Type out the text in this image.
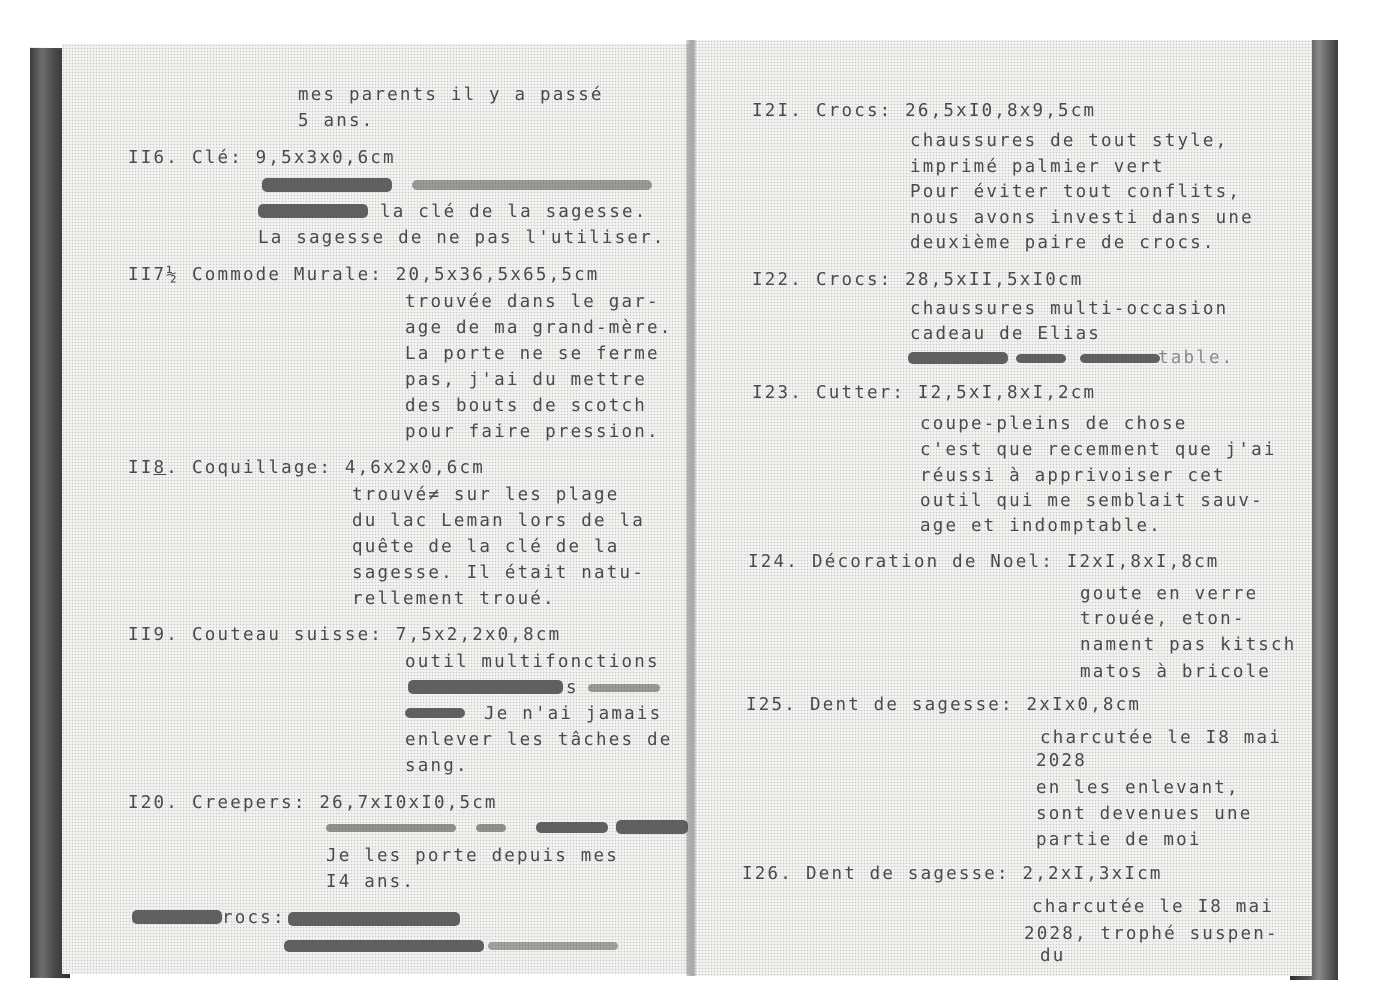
mes parents il y a passé
5 ans.
II6. Clé: 9,5x3x0,6cm
la clé de la sagesse.
La sagesse de ne pas l'utiliser.
II7½ Commode Murale: 20,5x36,5x65,5cm
trouvée dans le gar-
age de ma grand-mère.
La porte ne se ferme
pas, j'ai du mettre
des bouts de scotch
pour faire pression.
II8. Coquillage: 4,6x2x0,6cm
trouvé≠ sur les plage
du lac Leman lors de la
quête de la clé de la
sagesse. Il était natu-
rellement troué.
II9. Couteau suisse: 7,5x2,2x0,8cm
outil multifonctions
s
Je n'ai jamais
enlever les tâches de
sang.
I20. Creepers: 26,7xI0xI0,5cm
Je les porte depuis mes
I4 ans.
rocs:
I2I. Crocs: 26,5xI0,8x9,5cm
chaussures de tout style,
imprimé palmier vert
Pour éviter tout conflits,
nous avons investi dans une
deuxième paire de crocs.
I22. Crocs: 28,5xII,5xI0cm
chaussures multi-occasion
cadeau de Elias
table.
I23. Cutter: I2,5xI,8xI,2cm
coupe-pleins de chose
c'est que recemment que j'ai
réussi à apprivoiser cet
outil qui me semblait sauv-
age et indomptable.
I24. Décoration de Noel: I2xI,8xI,8cm
goute en verre
trouée, eton-
nament pas kitsch
matos à bricole
I25. Dent de sagesse: 2xIx0,8cm
charcutée le I8 mai
2028
en les enlevant,
sont devenues une
partie de moi
I26. Dent de sagesse: 2,2xI,3xIcm
charcutée le I8 mai
2028, trophé suspen-
du
